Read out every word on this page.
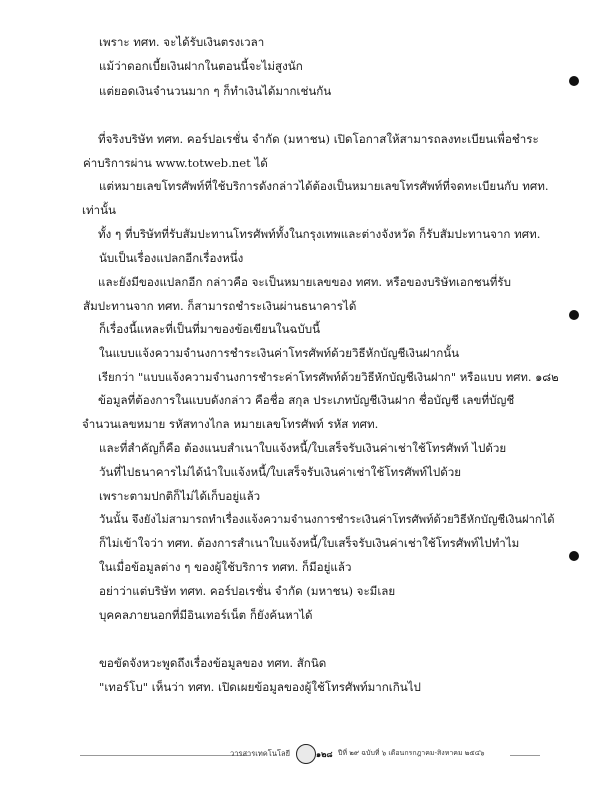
เพราะ ทศท. จะได้รับเงินตรงเวลา
แม้ว่าดอกเบี้ยเงินฝากในตอนนี้จะไม่สูงนัก
แต่ยอดเงินจำนวนมาก ๆ ก็ทำเงินได้มากเช่นกัน
ที่จริงบริษัท ทศท. คอร์ปอเรชั่น จำกัด (มหาชน) เปิดโอกาสให้สามารถลงทะเบียนเพื่อชำระ
ค่าบริการผ่าน www.totweb.net ได้
แต่หมายเลขโทรศัพท์ที่ใช้บริการดังกล่าวได้ต้องเป็นหมายเลขโทรศัพท์ที่จดทะเบียนกับ ทศท.
เท่านั้น
ทั้ง ๆ ที่บริษัทที่รับสัมปะทานโทรศัพท์ทั้งในกรุงเทพและต่างจังหวัด ก็รับสัมปะทานจาก ทศท.
นับเป็นเรื่องแปลกอีกเรื่องหนึ่ง
และยังมีของแปลกอีก กล่าวคือ จะเป็นหมายเลขของ ทศท. หรือของบริษัทเอกชนที่รับ
สัมปะทานจาก ทศท. ก็สามารถชำระเงินผ่านธนาคารได้
ก็เรื่องนี้แหละที่เป็นที่มาของข้อเขียนในฉบับนี้
ในแบบแจ้งความจำนงการชำระเงินค่าโทรศัพท์ด้วยวิธีหักบัญชีเงินฝากนั้น
เรียกว่า "แบบแจ้งความจำนงการชำระค่าโทรศัพท์ด้วยวิธีหักบัญชีเงินฝาก" หรือแบบ ทศท. ๑๘๒
ข้อมูลที่ต้องการในแบบดังกล่าว คือชื่อ สกุล ประเภทบัญชีเงินฝาก ชื่อบัญชี เลขที่บัญชี
จำนวนเลขหมาย รหัสทางไกล หมายเลขโทรศัพท์ รหัส ทศท.
และที่สำคัญก็คือ ต้องแนบสำเนาใบแจ้งหนี้/ใบเสร็จรับเงินค่าเช่าใช้โทรศัพท์ ไปด้วย
วันที่ไปธนาคารไม่ได้นำใบแจ้งหนี้/ใบเสร็จรับเงินค่าเช่าใช้โทรศัพท์ไปด้วย
เพราะตามปกติก็ไม่ได้เก็บอยู่แล้ว
วันนั้น จึงยังไม่สามารถทำเรื่องแจ้งความจำนงการชำระเงินค่าโทรศัพท์ด้วยวิธีหักบัญชีเงินฝากได้
ก็ไม่เข้าใจว่า ทศท. ต้องการสำเนาใบแจ้งหนี้/ใบเสร็จรับเงินค่าเช่าใช้โทรศัพท์ไปทำไม
ในเมื่อข้อมูลต่าง ๆ ของผู้ใช้บริการ ทศท. ก็มีอยู่แล้ว
อย่าว่าแต่บริษัท ทศท. คอร์ปอเรชั่น จำกัด (มหาชน) จะมีเลย
บุคคลภายนอกที่มีอินเทอร์เน็ต ก็ยังค้นหาได้
ขอขัดจังหวะพูดถึงเรื่องข้อมูลของ ทศท. สักนิด
"เทอร์โบ" เห็นว่า ทศท. เปิดเผยข้อมูลของผู้ใช้โทรศัพท์มากเกินไป
วารสารเทคโนโลยี	๑๒๘ ปีที่ ๒๙ ฉบับที่ ๖ เดือนกรกฎาคม-สิงหาคม ๒๕๔๖
